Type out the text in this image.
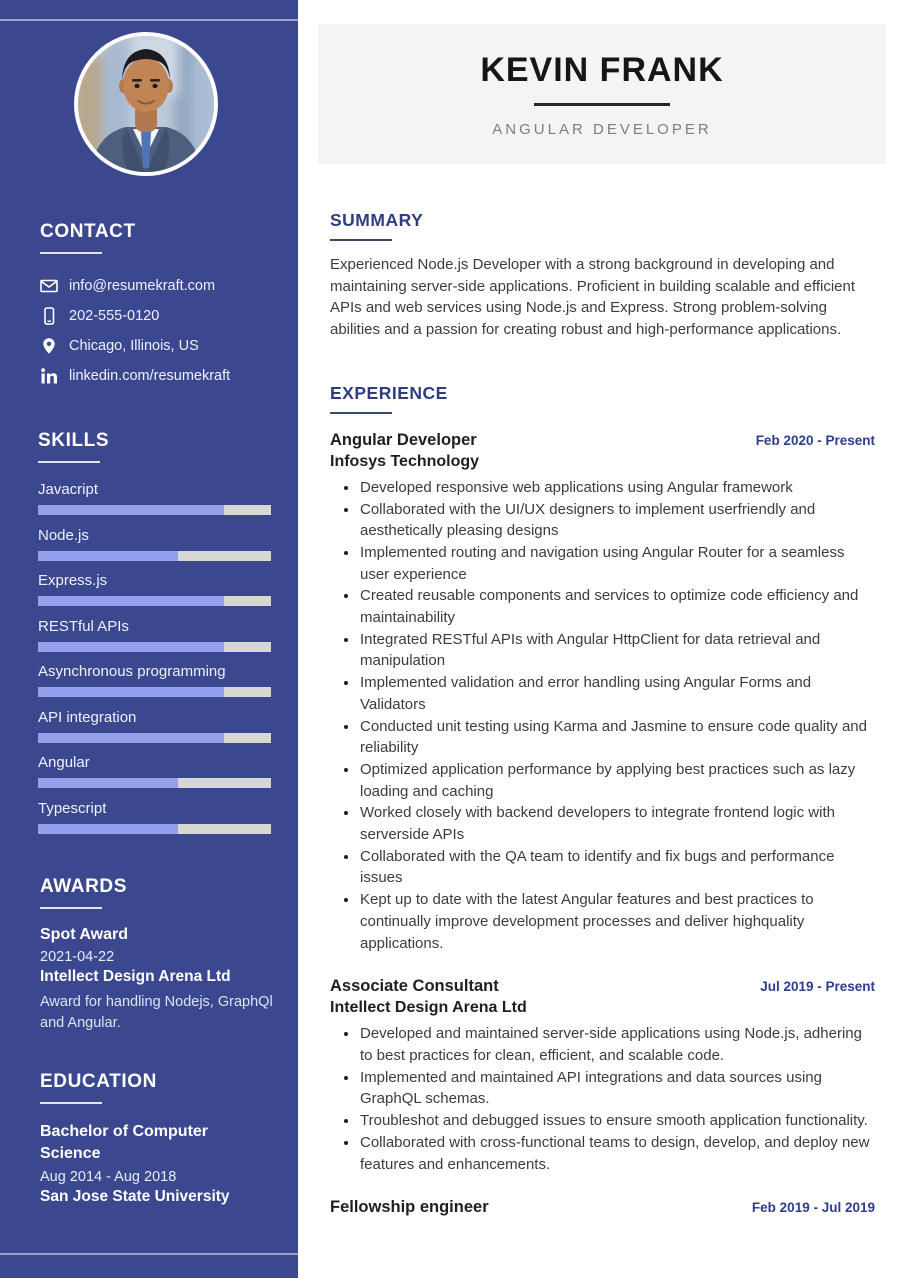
CONTACT
info@resumekraft.com
202-555-0120
Chicago, Illinois, US
linkedin.com/resumekraft
SKILLS
Javacript
Node.js
Express.js
RESTful APIs
Asynchronous programming
API integration
Angular
Typescript
AWARDS
Spot Award
2021-04-22
Intellect Design Arena Ltd
Award for handling Nodejs, GraphQl and Angular.
EDUCATION
Bachelor of Computer Science
Aug 2014 - Aug 2018
San Jose State University
KEVIN FRANK
ANGULAR DEVELOPER
SUMMARY

Experienced Node.js Developer with a strong background in developing and maintaining server-side applications. Proficient in building scalable and efficient APIs and web services using Node.js and Express. Strong problem-solving abilities and a passion for creating robust and high-performance applications.

EXPERIENCE
Angular Developer	Feb 2020 - Present
Infosys Technology
• Developed responsive web applications using Angular framework
• Collaborated with the UI/UX designers to implement userfriendly and aesthetically pleasing designs
• Implemented routing and navigation using Angular Router for a seamless user experience
• Created reusable components and services to optimize code efficiency and maintainability
• Integrated RESTful APIs with Angular HttpClient for data retrieval and manipulation
• Implemented validation and error handling using Angular Forms and Validators
• Conducted unit testing using Karma and Jasmine to ensure code quality and reliability
• Optimized application performance by applying best practices such as lazy loading and caching
• Worked closely with backend developers to integrate frontend logic with serverside APIs
• Collaborated with the QA team to identify and fix bugs and performance issues
• Kept up to date with the latest Angular features and best practices to continually improve development processes and deliver highquality applications.
Associate Consultant	Jul 2019 - Present
Intellect Design Arena Ltd
• Developed and maintained server-side applications using Node.js, adhering to best practices for clean, efficient, and scalable code.
• Implemented and maintained API integrations and data sources using GraphQL schemas.
• Troubleshot and debugged issues to ensure smooth application functionality.
• Collaborated with cross-functional teams to design, develop, and deploy new features and enhancements.
Fellowship engineer	Feb 2019 - Jul 2019
